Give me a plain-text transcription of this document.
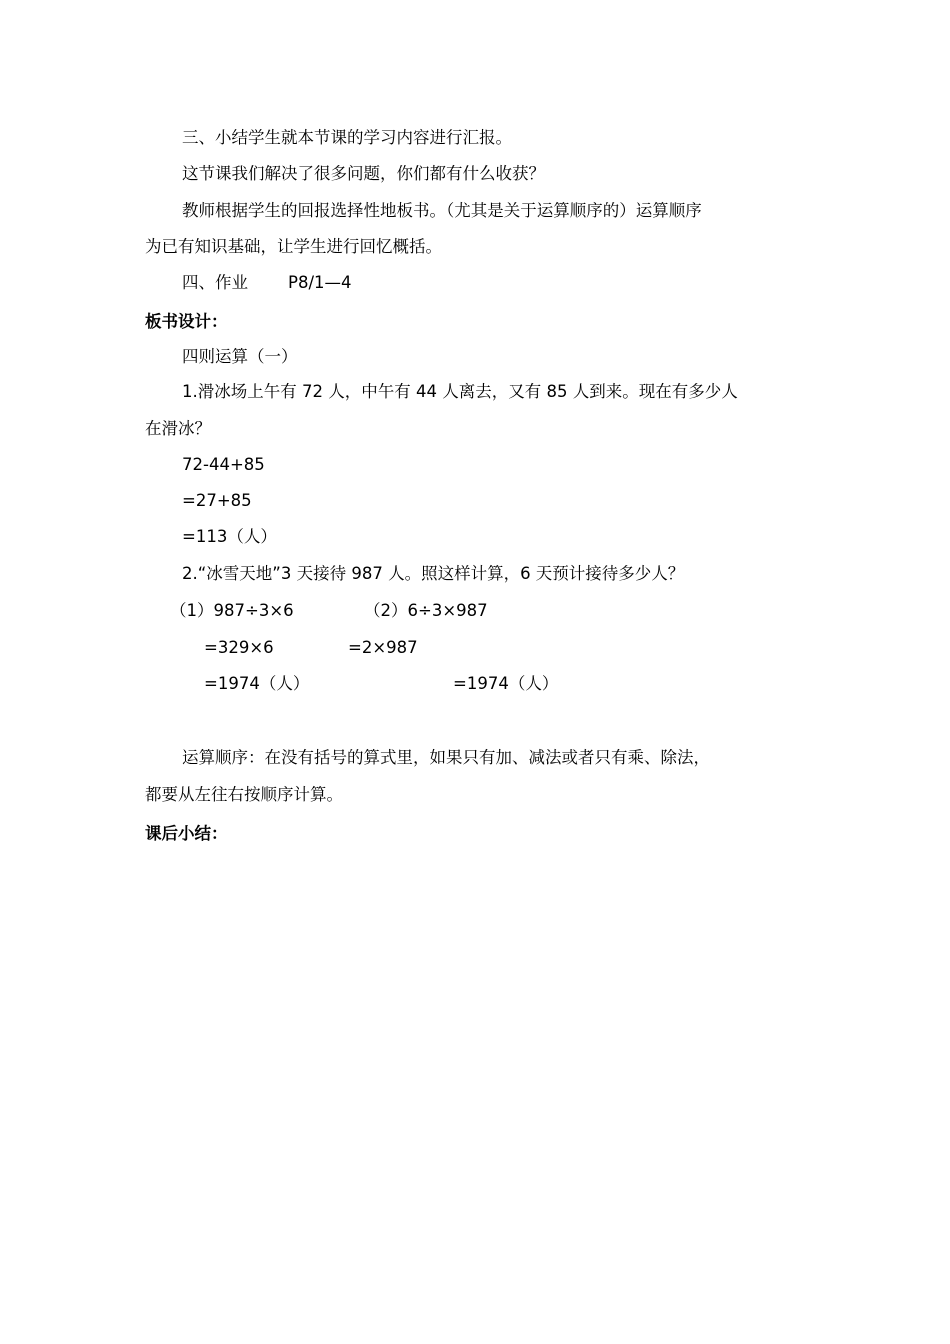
三、小结学生就本节课的学习内容进行汇报。
这节课我们解决了很多问题，你们都有什么收获？
教师根据学生的回报选择性地板书。（尤其是关于运算顺序的）运算顺序
为已有知识基础，让学生进行回忆概括。
四、作业 P8/1—4
板书设计：
四则运算（一）
1.滑冰场上午有 72 人，中午有 44 人离去，又有 85 人到来。现在有多少人
在滑冰？
72-44+85
=27+85
=113（人）
2.“冰雪天地”3 天接待 987 人。照这样计算，6 天预计接待多少人？
（1）987÷3×6	（2）6÷3×987
=329×6	=2×987
=1974（人）	=1974（人）
运算顺序：在没有括号的算式里，如果只有加、减法或者只有乘、除法，
都要从左往右按顺序计算。
课后小结：
